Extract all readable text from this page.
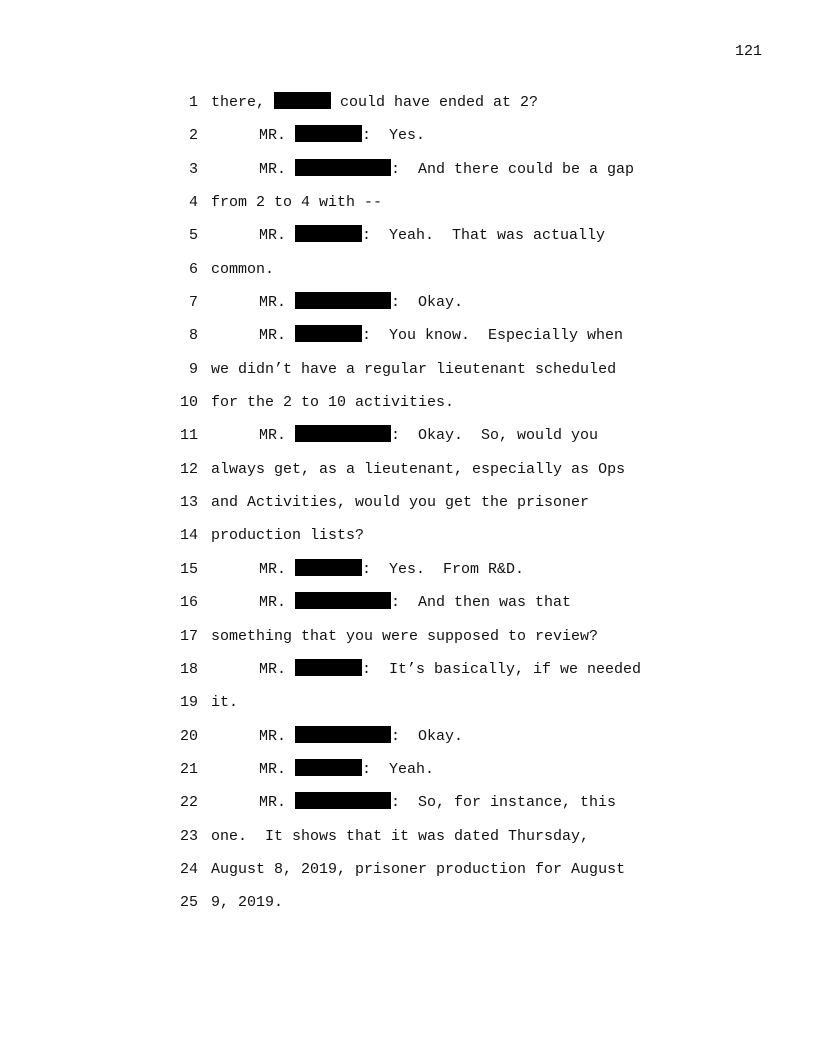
121
1 there,	could have ended at 2?
2	MR.	:  Yes.
3	MR.	:  And there could be a gap
4 from 2 to 4 with --
5	MR.	:  Yeah.  That was actually
6 common.
7	MR.	:  Okay.
8	MR.	:  You know.  Especially when
9 we didn’t have a regular lieutenant scheduled
10 for the 2 to 10 activities.
11	MR.	:  Okay.  So, would you
12 always get, as a lieutenant, especially as Ops
13 and Activities, would you get the prisoner
14 production lists?
15	MR.	:  Yes.  From R&D.
16	MR.	:  And then was that
17 something that you were supposed to review?
18	MR.	:  It’s basically, if we needed
19 it.
20	MR.	:  Okay.
21	MR.	:  Yeah.
22	MR.	:  So, for instance, this
23 one.  It shows that it was dated Thursday,
24 August 8, 2019, prisoner production for August
25 9, 2019.
